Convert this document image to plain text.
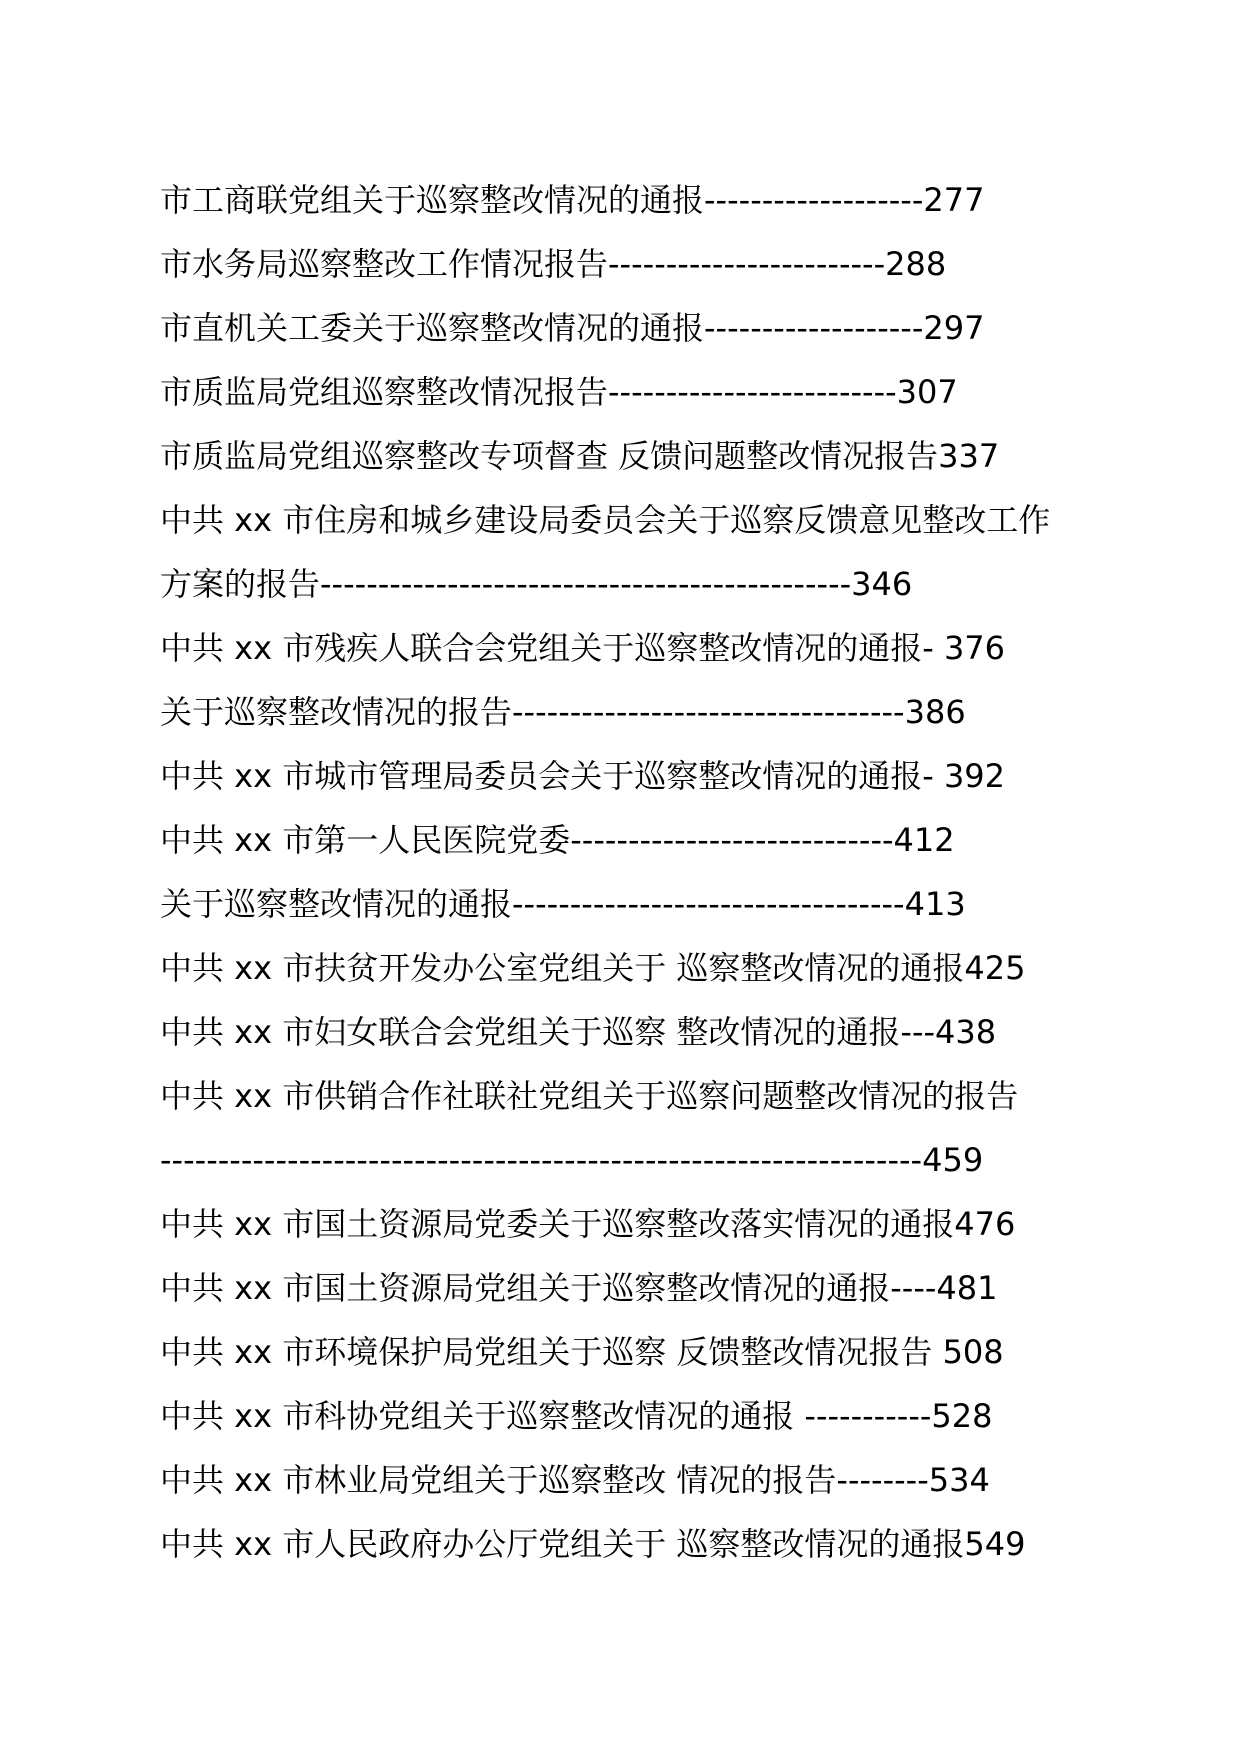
市工商联党组关于巡察整改情况的通报-------------------277
市水务局巡察整改工作情况报告------------------------288
市直机关工委关于巡察整改情况的通报-------------------297
市质监局党组巡察整改情况报告-------------------------307
市质监局党组巡察整改专项督查 反馈问题整改情况报告337
中共 xx 市住房和城乡建设局委员会关于巡察反馈意见整改工作
方案的报告----------------------------------------------346
中共 xx 市残疾人联合会党组关于巡察整改情况的通报- 376
关于巡察整改情况的报告----------------------------------386
中共 xx 市城市管理局委员会关于巡察整改情况的通报- 392
中共 xx 市第一人民医院党委----------------------------412
关于巡察整改情况的通报----------------------------------413
中共 xx 市扶贫开发办公室党组关于 巡察整改情况的通报425
中共 xx 市妇女联合会党组关于巡察 整改情况的通报---438
中共 xx 市供销合作社联社党组关于巡察问题整改情况的报告
------------------------------------------------------------------459
中共 xx 市国土资源局党委关于巡察整改落实情况的通报476
中共 xx 市国土资源局党组关于巡察整改情况的通报----481
中共 xx 市环境保护局党组关于巡察 反馈整改情况报告 508
中共 xx 市科协党组关于巡察整改情况的通报 -----------528
中共 xx 市林业局党组关于巡察整改 情况的报告--------534
中共 xx 市人民政府办公厅党组关于 巡察整改情况的通报549
